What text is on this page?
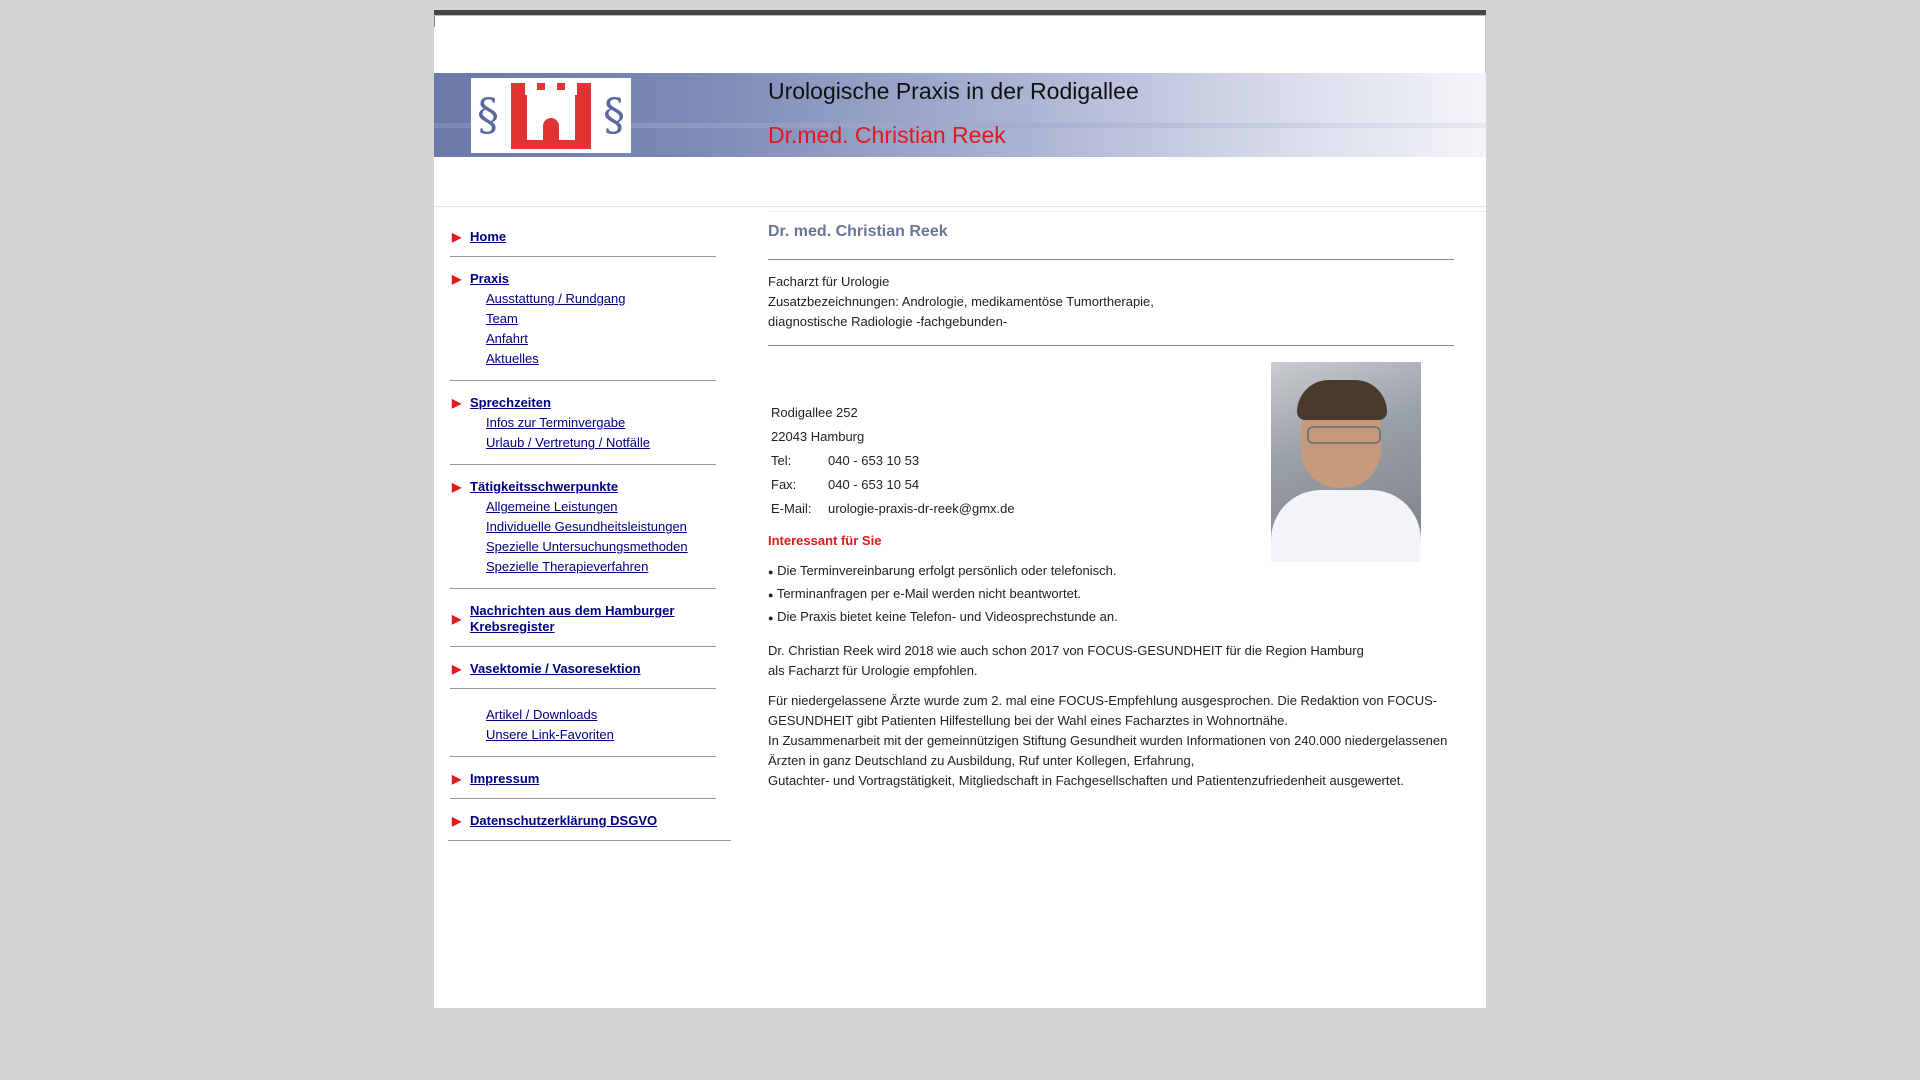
§ §	Urologische Praxis in der Rodigallee
Dr.med. Christian Reek
▶ Home
▶ Praxis
Ausstattung / Rundgang
Team
Anfahrt
Aktuelles
▶ Sprechzeiten
Infos zur Terminvergabe
Urlaub / Vertretung / Notfälle
▶ Tätigkeitsschwerpunkte
Allgemeine Leistungen
Individuelle Gesundheitsleistungen
Spezielle Untersuchungsmethoden
Spezielle Therapieverfahren
▶
Nachrichten aus dem Hamburger Krebsregister
▶ Vasektomie / Vasoresektion
Artikel / Downloads
Unsere Link-Favoriten
▶ Impressum
▶ Datenschutzerklärung DSGVO
Dr. med. Christian Reek
Facharzt für Urologie
Zusatzbezeichnungen: Andrologie, medikamentöse Tumortherapie,
diagnostische Radiologie -fachgebunden-
Rodigallee 252	
22043 Hamburg	
Tel:	040 - 653 10 53
Fax:	040 - 653 10 54
E-Mail:	urologie-praxis-dr-reek@gmx.de
Interessant für Sie
● Die Terminvereinbarung erfolgt persönlich oder telefonisch.
● Terminanfragen per e-Mail werden nicht beantwortet.
● Die Praxis bietet keine Telefon- und Videosprechstunde an.
Dr. Christian Reek wird 2018 wie auch schon 2017 von FOCUS-GESUNDHEIT für die Region Hamburg
als Facharzt für Urologie empfohlen.
Für niedergelassene Ärzte wurde zum 2. mal eine FOCUS-Empfehlung ausgesprochen. Die Redaktion von FOCUS-
GESUNDHEIT gibt Patienten Hilfestellung bei der Wahl eines Facharztes in Wohnortnähe.
In Zusammenarbeit mit der gemeinnützigen Stiftung Gesundheit wurden Informationen von 240.000 niedergelassenen
Ärzten in ganz Deutschland zu Ausbildung, Ruf unter Kollegen, Erfahrung,
Gutachter- und Vortragstätigkeit, Mitgliedschaft in Fachgesellschaften und Patientenzufriedenheit ausgewertet.
